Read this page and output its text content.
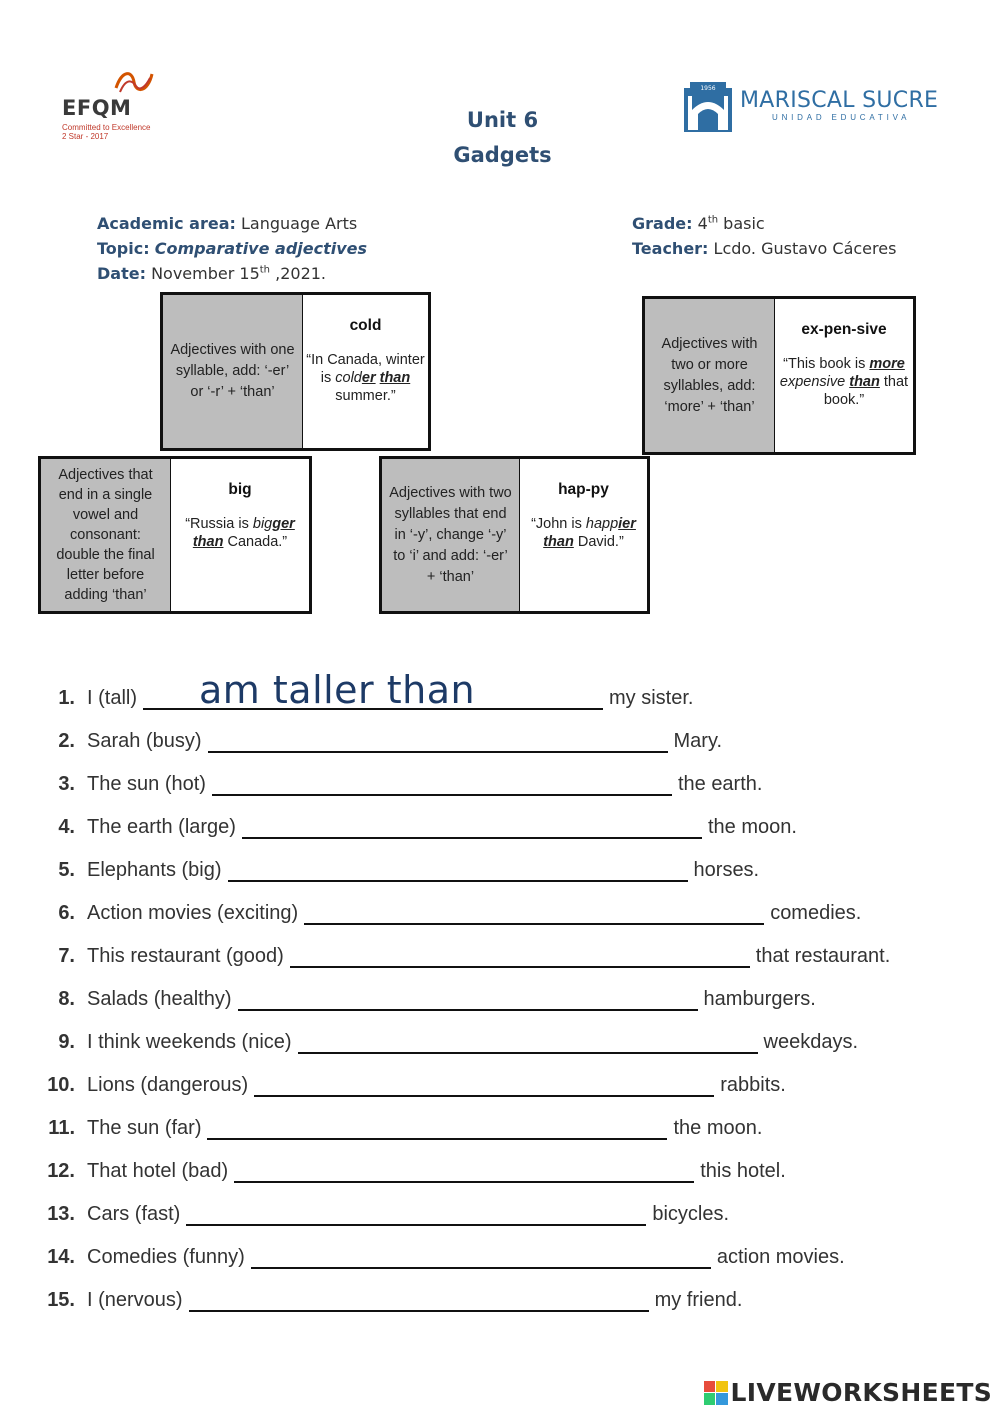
EFQM
Committed to Excellence
2 Star - 2017
1956 MARISCAL SUCRE
UNIDAD EDUCATIVA
Unit 6
Gadgets
Academic area: Language Arts
Topic: Comparative adjectives
Date: November 15th ,2021.
Grade: 4th basic
Teacher: Lcdo. Gustavo Cáceres
Adjectives with one syllable, add: ‘-er’ or ‘-r’ + ‘than’
cold
“In Canada, winter is colder than summer.”
Adjectives with two or more syllables, add: ‘more’ + ‘than’
ex-pen-sive
“This book is more expensive than that book.”
Adjectives that end in a single vowel and consonant: double the final letter before adding ‘than’
big
“Russia is bigger than Canada.”
Adjectives with two syllables that end in ‘-y’, change ‘-y’ to ‘i’ and add: ‘-er’ + ‘than’
hap-py
“John is happier than David.”
1. I (tall) am taller than	my sister.
2. Sarah (busy)	Mary.
3. The sun (hot)	the earth.
4. The earth (large)	the moon.
5. Elephants (big)	horses.
6. Action movies (exciting)	comedies.
7. This restaurant (good)	that restaurant.
8. Salads (healthy)	hamburgers.
9. I think weekends (nice)	weekdays.
10. Lions (dangerous)	rabbits.
11. The sun (far)	the moon.
12. That hotel (bad)	this hotel.
13. Cars (fast)	bicycles.
14. Comedies (funny)	action movies.
15. I (nervous)	my friend.
LIVEWORKSHEETS
